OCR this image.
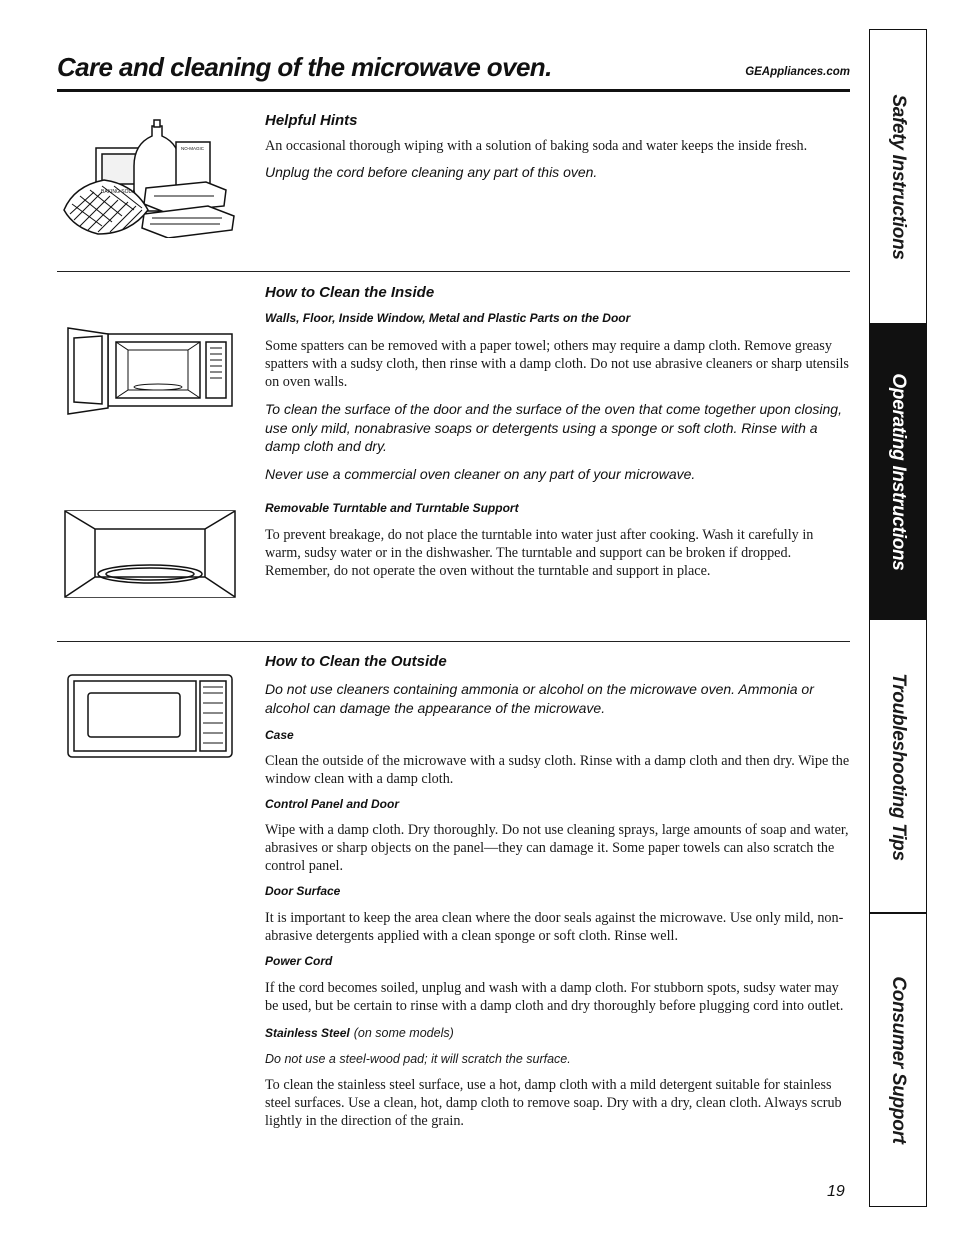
Care and cleaning of the microwave oven.	GEAppliances.com
BAKING SODA
NO-MAGIC

Helpful Hints

An occasional thorough wiping with a solution of baking soda and water keeps the inside fresh.

Unplug the cord before cleaning any part of this oven.

How to Clean the Inside

Walls, Floor, Inside Window, Metal and Plastic Parts on the Door

Some spatters can be removed with a paper towel; others may require a damp cloth. Remove greasy spatters with a sudsy cloth, then rinse with a damp cloth. Do not use abrasive cleaners or sharp utensils on oven walls.

To clean the surface of the door and the surface of the oven that come together upon closing, use only mild, nonabrasive soaps or detergents using a sponge or soft cloth. Rinse with a damp cloth and dry.

Never use a commercial oven cleaner on any part of your microwave.

Removable Turntable and Turntable Support

To prevent breakage, do not place the turntable into water just after cooking. Wash it carefully in warm, sudsy water or in the dishwasher. The turntable and support can be broken if dropped. Remember, do not operate the oven without the turntable and support in place.

How to Clean the Outside

Do not use cleaners containing ammonia or alcohol on the microwave oven. Ammonia or alcohol can damage the appearance of the microwave.

Case

Clean the outside of the microwave with a sudsy cloth. Rinse with a damp cloth and then dry. Wipe the window clean with a damp cloth.

Control Panel and Door

Wipe with a damp cloth. Dry thoroughly. Do not use cleaning sprays, large amounts of soap and water, abrasives or sharp objects on the panel—they can damage it. Some paper towels can also scratch the control panel.

Door Surface

It is important to keep the area clean where the door seals against the microwave. Use only mild, non-abrasive detergents applied with a clean sponge or soft cloth. Rinse well.

Power Cord

If the cord becomes soiled, unplug and wash with a damp cloth. For stubborn spots, sudsy water may be used, but be certain to rinse with a damp cloth and dry thoroughly before plugging cord into outlet.

Stainless Steel (on some models)

Do not use a steel-wood pad; it will scratch the surface.

To clean the stainless steel surface, use a hot, damp cloth with a mild detergent suitable for stainless steel surfaces. Use a clean, hot, damp cloth to remove soap. Dry with a dry, clean cloth. Always scrub lightly in the direction of the grain.

19
Safety Instructions
Operating Instructions
Troubleshooting Tips
Consumer Support
